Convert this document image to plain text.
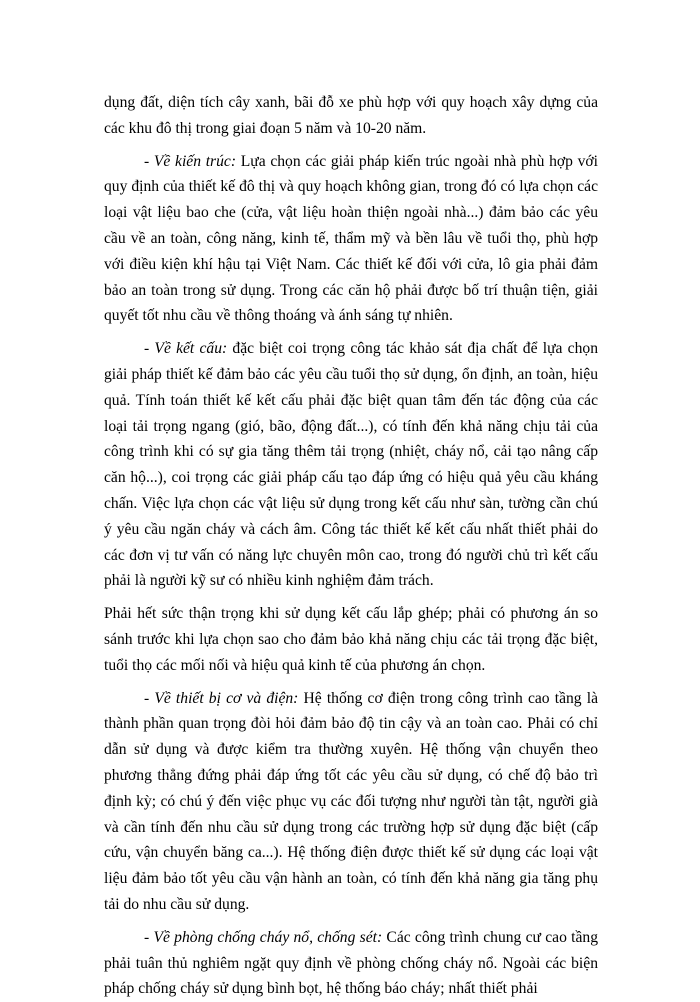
dụng đất, diện tích cây xanh, bãi đỗ xe phù hợp với quy hoạch xây dựng của các khu đô thị trong giai đoạn 5 năm và 10-20 năm.

- Về kiến trúc: Lựa chọn các giải pháp kiến trúc ngoài nhà phù hợp với quy định của thiết kế đô thị và quy hoạch không gian, trong đó có lựa chọn các loại vật liệu bao che (cửa, vật liệu hoàn thiện ngoài nhà...) đảm bảo các yêu cầu về an toàn, công năng, kinh tế, thẩm mỹ và bền lâu về tuổi thọ, phù hợp với điều kiện khí hậu tại Việt Nam. Các thiết kế đối với cửa, lô gia phải đảm bảo an toàn trong sử dụng. Trong các căn hộ phải được bố trí thuận tiện, giải quyết tốt nhu cầu về thông thoáng và ánh sáng tự nhiên.

- Về kết cấu: đặc biệt coi trọng công tác khảo sát địa chất để lựa chọn giải pháp thiết kế đảm bảo các yêu cầu tuổi thọ sử dụng, ổn định, an toàn, hiệu quả. Tính toán thiết kế kết cấu phải đặc biệt quan tâm đến tác động của các loại tải trọng ngang (gió, bão, động đất...), có tính đến khả năng chịu tải của công trình khi có sự gia tăng thêm tải trọng (nhiệt, cháy nổ, cải tạo nâng cấp căn hộ...), coi trọng các giải pháp cấu tạo đáp ứng có hiệu quả yêu cầu kháng chấn. Việc lựa chọn các vật liệu sử dụng trong kết cấu như sàn, tường cần chú ý yêu cầu ngăn cháy và cách âm. Công tác thiết kế kết cấu nhất thiết phải do các đơn vị tư vấn có năng lực chuyên môn cao, trong đó người chủ trì kết cấu phải là người kỹ sư có nhiều kinh nghiệm đảm trách.

Phải hết sức thận trọng khi sử dụng kết cấu lắp ghép; phải có phương án so sánh trước khi lựa chọn sao cho đảm bảo khả năng chịu các tải trọng đặc biệt, tuổi thọ các mối nối và hiệu quả kinh tế của phương án chọn.

- Về thiết bị cơ và điện: Hệ thống cơ điện trong công trình cao tầng là thành phần quan trọng đòi hỏi đảm bảo độ tin cậy và an toàn cao. Phải có chỉ dẫn sử dụng và được kiểm tra thường xuyên. Hệ thống vận chuyển theo phương thẳng đứng phải đáp ứng tốt các yêu cầu sử dụng, có chế độ bảo trì định kỳ; có chú ý đến việc phục vụ các đối tượng như người tàn tật, người già và cần tính đến nhu cầu sử dụng trong các trường hợp sử dụng đặc biệt (cấp cứu, vận chuyển băng ca...). Hệ thống điện được thiết kế sử dụng các loại vật liệu đảm bảo tốt yêu cầu vận hành an toàn, có tính đến khả năng gia tăng phụ tải do nhu cầu sử dụng.

- Về phòng chống cháy nổ, chống sét: Các công trình chung cư cao tầng phải tuân thủ nghiêm ngặt quy định về phòng chống cháy nổ. Ngoài các biện pháp chống cháy sử dụng bình bọt, hệ thống báo cháy; nhất thiết phải
